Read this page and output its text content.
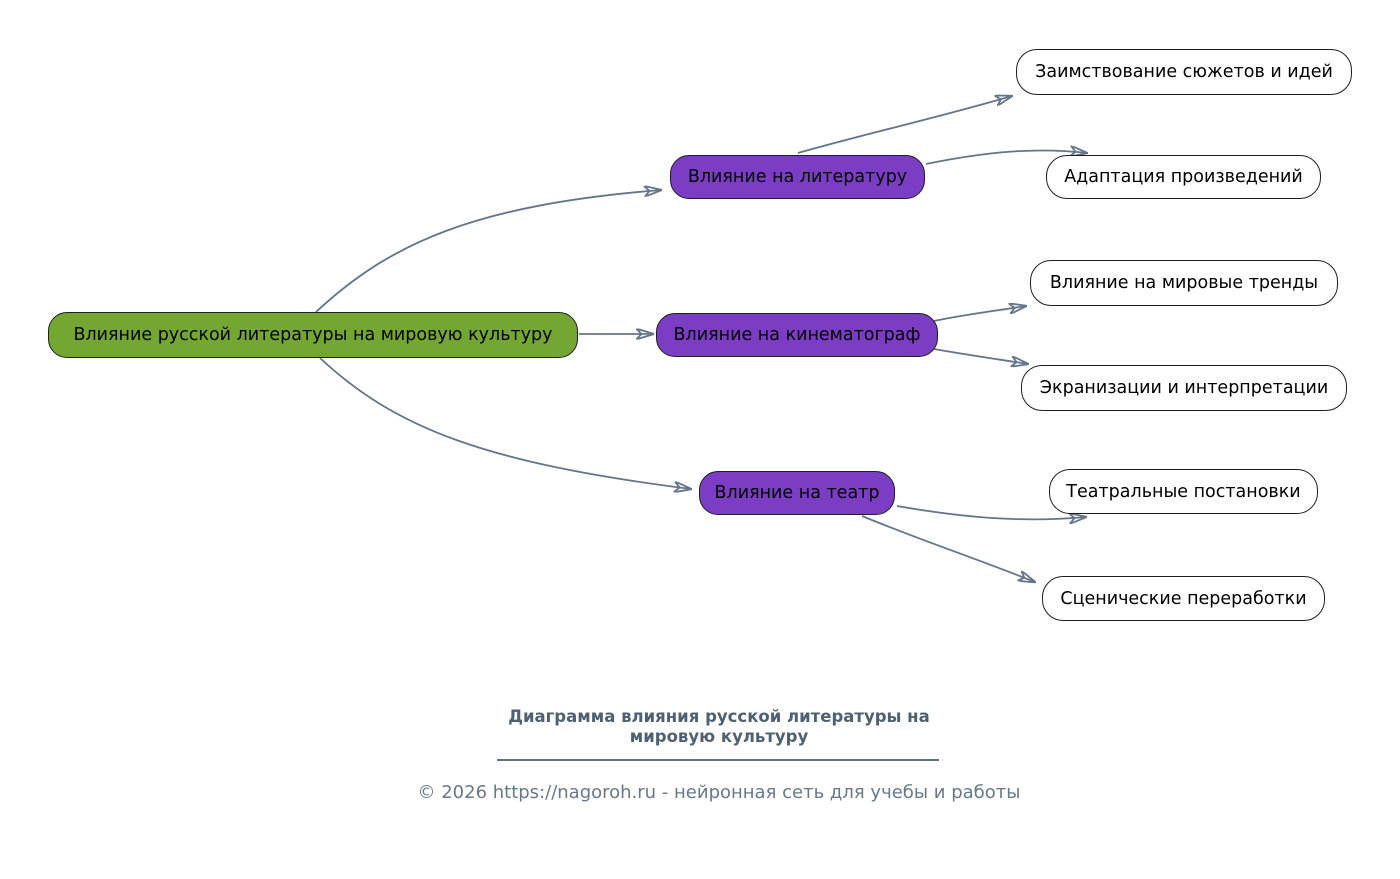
Влияние русской литературы на мировую культуру
Влияние на литературу
Влияние на кинематограф
Влияние на театр
Заимствование сюжетов и идей
Адаптация произведений
Влияние на мировые тренды
Экранизации и интерпретации
Театральные постановки
Сценические переработки
Диаграмма влияния русской литературы на мировую культуру
© 2026 https://nagoroh.ru - нейронная сеть для учебы и работы
